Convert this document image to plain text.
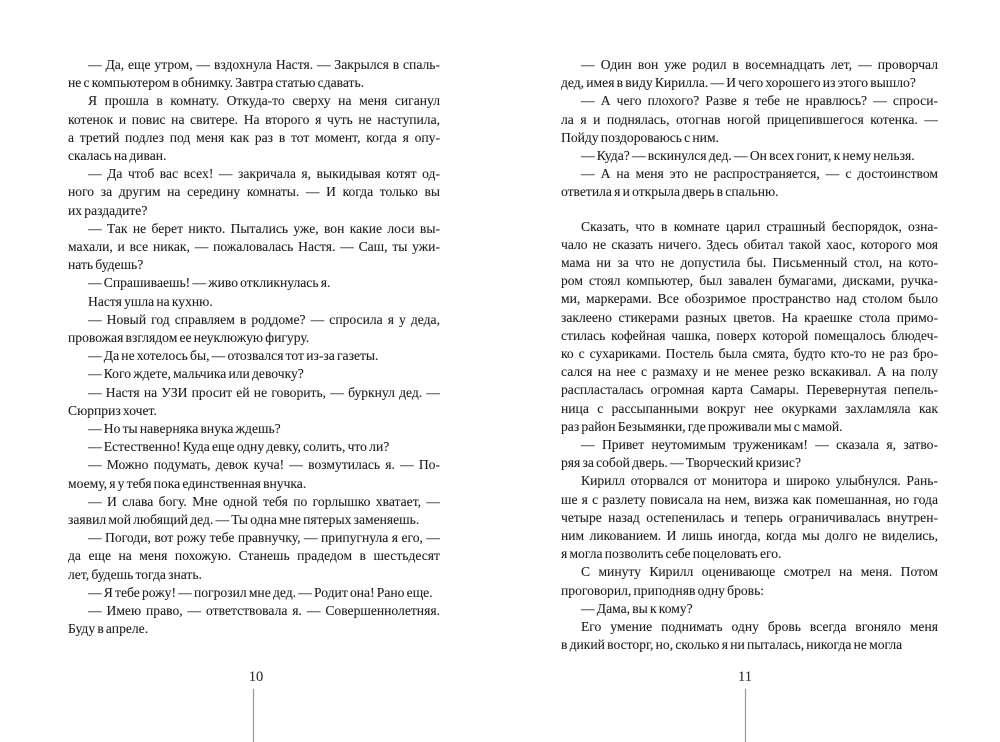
— Да, еще утром, — вздохнула Настя. — Закрылся в спаль-
не с компьютером в обнимку. Завтра статью сдавать.
Я прошла в комнату. Откуда-то сверху на меня сиганул
котенок и повис на свитере. На второго я чуть не наступила,
а третий подлез под меня как раз в тот момент, когда я опу-
скалась на диван.
— Да чтоб вас всех! — закричала я, выкидывая котят од-
ного за другим на середину комнаты. — И когда только вы
их раздадите?
— Так не берет никто. Пытались уже, вон какие лоси вы-
махали, и все никак, — пожаловалась Настя. — Саш, ты ужи-
нать будешь?
— Спрашиваешь! — живо откликнулась я.
Настя ушла на кухню.
— Новый год справляем в роддоме? — спросила я у деда,
провожая взглядом ее неуклюжую фигуру.
— Да не хотелось бы, — отозвался тот из-за газеты.
— Кого ждете, мальчика или девочку?
— Настя на УЗИ просит ей не говорить, — буркнул дед. —
Сюрприз хочет.
— Но ты наверняка внука ждешь?
— Естественно! Куда еще одну девку, солить, что ли?
— Можно подумать, девок куча! — возмутилась я. — По-
моему, я у тебя пока единственная внучка.
— И слава богу. Мне одной тебя по горлышко хватает, —
заявил мой любящий дед. — Ты одна мне пятерых заменяешь.
— Погоди, вот рожу тебе правнучку, — припугнула я его, —
да еще на меня похожую. Станешь прадедом в шестьдесят
лет, будешь тогда знать.
— Я тебе рожу! — погрозил мне дед. — Родит она! Рано еще.
— Имею право, — ответствовала я. — Совершеннолетняя.
Буду в апреле.
— Один вон уже родил в восемнадцать лет, — проворчал
дед, имея в виду Кирилла. — И чего хорошего из этого вышло?
— А чего плохого? Разве я тебе не нравлюсь? — спроси-
ла я и поднялась, отогнав ногой прицепившегося котенка. —
Пойду поздороваюсь с ним.
— Куда? — вскинулся дед. — Он всех гонит, к нему нельзя.
— А на меня это не распространяется, — с достоинством
ответила я и открыла дверь в спальню.
Сказать, что в комнате царил страшный беспорядок, озна-
чало не сказать ничего. Здесь обитал такой хаос, которого моя
мама ни за что не допустила бы. Письменный стол, на кото-
ром стоял компьютер, был завален бумагами, дисками, ручка-
ми, маркерами. Все обозримое пространство над столом было
заклеено стикерами разных цветов. На краешке стола примо-
стилась кофейная чашка, поверх которой помещалось блюдеч-
ко с сухариками. Постель была смята, будто кто-то не раз бро-
сался на нее с размаху и не менее резко вскакивал. А на полу
распласталась огромная карта Самары. Перевернутая пепель-
ница с рассыпанными вокруг нее окурками захламляла как
раз район Безымянки, где проживали мы с мамой.
— Привет неутомимым труженикам! — сказала я, затво-
ряя за собой дверь. — Творческий кризис?
Кирилл оторвался от монитора и широко улыбнулся. Рань-
ше я с разлету повисала на нем, визжа как помешанная, но года
четыре назад остепенилась и теперь ограничивалась внутрен-
ним ликованием. И лишь иногда, когда мы долго не виделись,
я могла позволить себе поцеловать его.
С минуту Кирилл оценивающе смотрел на меня. Потом
проговорил, приподняв одну бровь:
— Дама, вы к кому?
Его умение поднимать одну бровь всегда вгоняло меня
в дикий восторг, но, сколько я ни пыталась, никогда не могла
10	11
